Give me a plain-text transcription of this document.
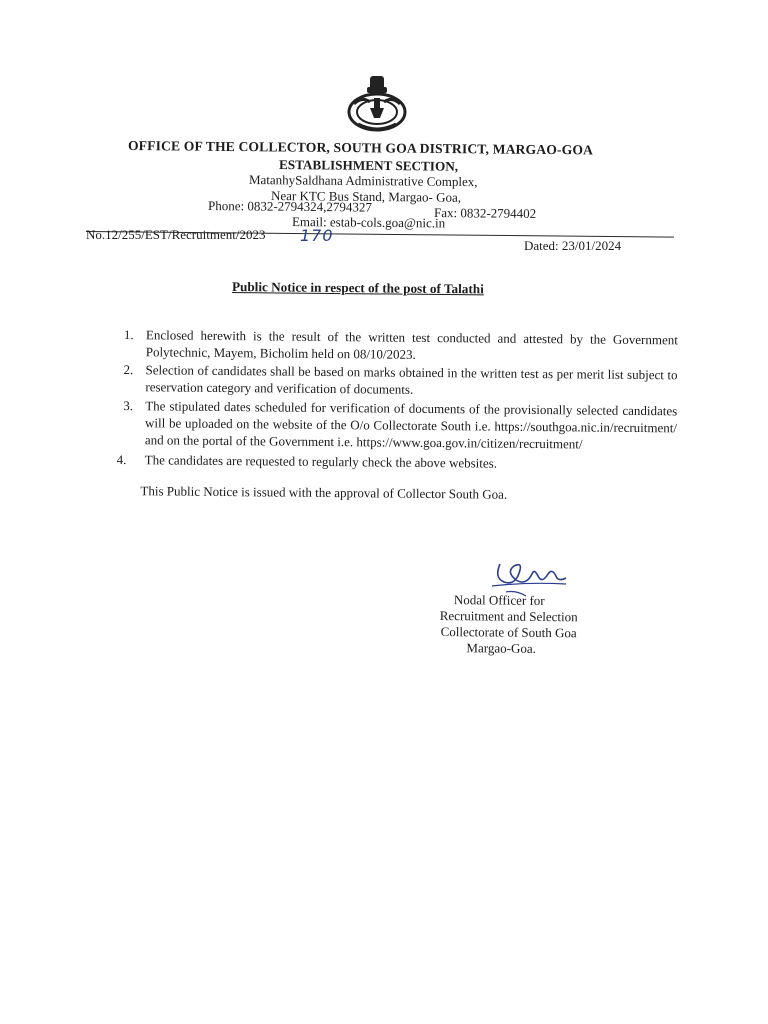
OFFICE OF THE COLLECTOR, SOUTH GOA DISTRICT, MARGAO-GOA
ESTABLISHMENT SECTION,
MatanhySaldhana Administrative Complex,
Near KTC Bus Stand, Margao- Goa,
Phone: 0832-2794324,2794327	Fax: 0832-2794402
Email: estab-cols.goa@nic.in
No.12/255/EST/Recruitment/2023 170
Dated: 23/01/2024
Public Notice in respect of the post of Talathi
1. Enclosed herewith is the result of the written test conducted and attested by the Government Polytechnic, Mayem, Bicholim held on 08/10/2023.
2. Selection of candidates shall be based on marks obtained in the written test as per merit list subject to reservation category and verification of documents.
3. The stipulated dates scheduled for verification of documents of the provisionally selected candidates will be uploaded on the website of the O/o Collectorate South i.e. https://southgoa.nic.in/recruitment/ and on the portal of the Government i.e. https://www.goa.gov.in/citizen/recruitment/
4. The candidates are requested to regularly check the above websites.
This Public Notice is issued with the approval of Collector South Goa.
Nodal Officer for
Recruitment and Selection
Collectorate of South Goa
Margao-Goa.
